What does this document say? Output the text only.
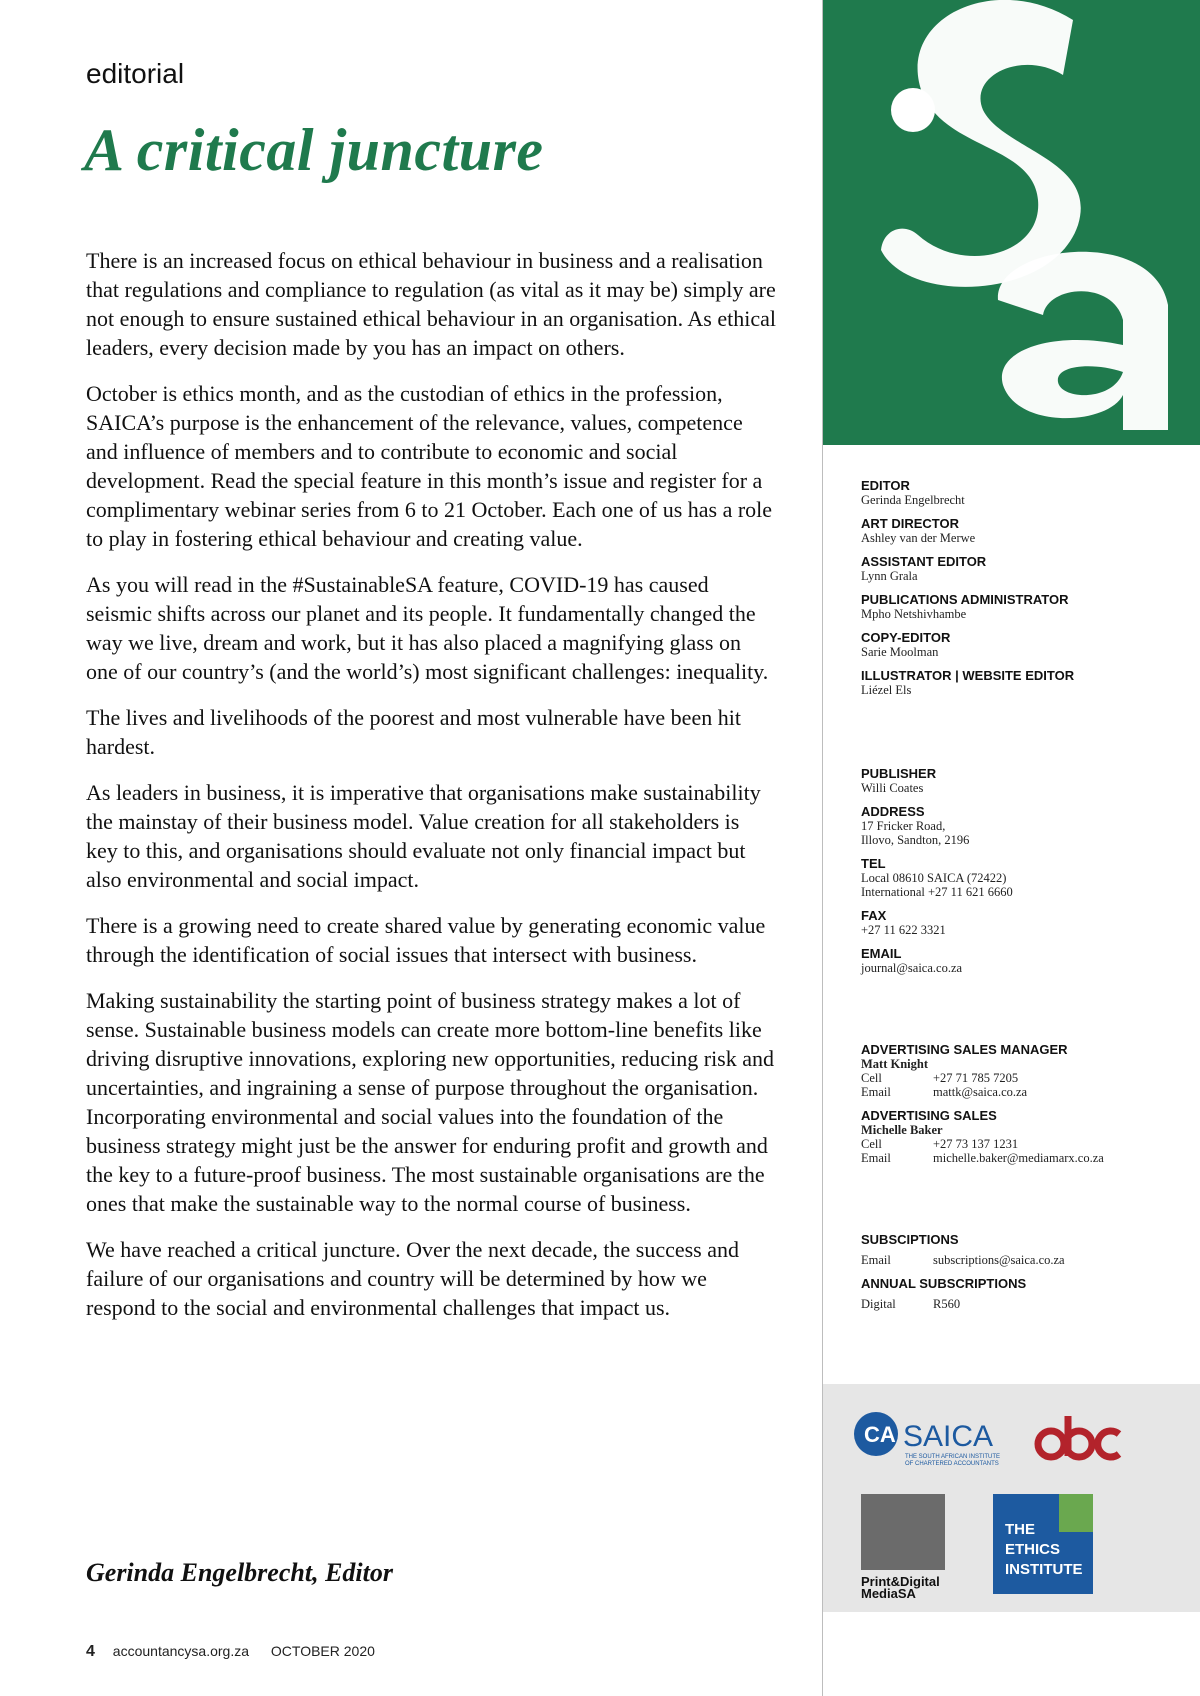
editorial
A critical juncture

There is an increased focus on ethical behaviour in business and a realisation that regulations and compliance to regulation (as vital as it may be) simply are not enough to ensure sustained ethical behaviour in an organisation. As ethical leaders, every decision made by you has an impact on others.

October is ethics month, and as the custodian of ethics in the profession, SAICA’s purpose is the enhancement of the relevance, values, competence and influence of members and to contribute to economic and social development. Read the special feature in this month’s issue and register for a complimentary webinar series from 6 to 21 October. Each one of us has a role to play in fostering ethical behaviour and creating value.

As you will read in the #SustainableSA feature, COVID-19 has caused seismic shifts across our planet and its people. It fundamentally changed the way we live, dream and work, but it has also placed a magnifying glass on one of our country’s (and the world’s) most significant challenges: inequality.

The lives and livelihoods of the poorest and most vulnerable have been hit hardest.

As leaders in business, it is imperative that organisations make sustainability the mainstay of their business model. Value creation for all stakeholders is key to this, and organisations should evaluate not only financial impact but also environmental and social impact.

There is a growing need to create shared value by generating economic value through the identification of social issues that intersect with business.

Making sustainability the starting point of business strategy makes a lot of sense. Sustainable business models can create more bottom-line benefits like driving disruptive innovations, exploring new opportunities, reducing risk and uncertainties, and ingraining a sense of purpose throughout the organisation. Incorporating environmental and social values into the foundation of the business strategy might just be the answer for enduring profit and growth and the key to a future-proof business. The most sustainable organisations are the ones that make the sustainable way to the normal course of business.

We have reached a critical juncture. Over the next decade, the success and failure of our organisations and country will be determined by how we respond to the social and environmental challenges that impact us.

Gerinda Engelbrecht, Editor
4 accountancysa.org.za OCTOBER 2020
EDITOR
Gerinda Engelbrecht
ART DIRECTOR
Ashley van der Merwe
ASSISTANT EDITOR
Lynn Grala
PUBLICATIONS ADMINISTRATOR
Mpho Netshivhambe
COPY-EDITOR
Sarie Moolman
ILLUSTRATOR | WEBSITE EDITOR
Liézel Els
PUBLISHER
Willi Coates
ADDRESS
17 Fricker Road,
Illovo, Sandton, 2196
TEL
Local 08610 SAICA (72422)
International +27 11 621 6660
FAX
+27 11 622 3321
EMAIL
journal@saica.co.za
ADVERTISING SALES MANAGER
Matt Knight
Cell	+27 71 785 7205
Email	mattk@saica.co.za
ADVERTISING SALES
Michelle Baker
Cell	+27 73 137 1231
Email	michelle.baker@mediamarx.co.za
SUBSCIPTIONS
Email	subscriptions@saica.co.za
ANNUAL SUBSCRIPTIONS
Digital	R560
CA SAICA
THE SOUTH AFRICAN INSTITUTE
OF CHARTERED ACCOUNTANTS
Print&Digital
MediaSA
THE
ETHICS
INSTITUTE
